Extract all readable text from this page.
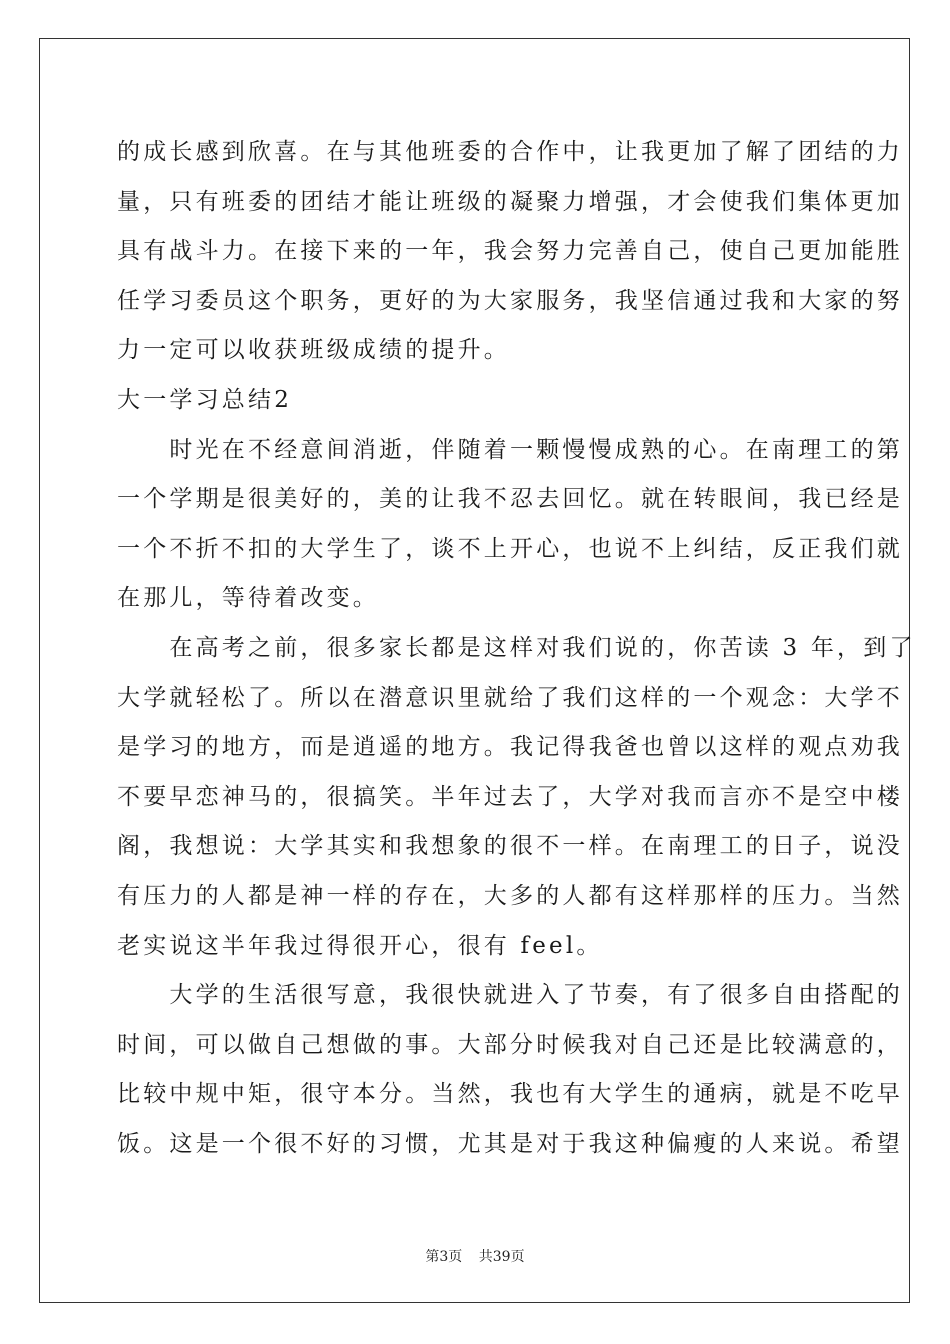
的成长感到欣喜。在与其他班委的合作中，让我更加了解了团结的力
量，只有班委的团结才能让班级的凝聚力增强，才会使我们集体更加
具有战斗力。在接下来的一年，我会努力完善自己，使自己更加能胜
任学习委员这个职务，更好的为大家服务，我坚信通过我和大家的努
力一定可以收获班级成绩的提升。
大一学习总结2
　　时光在不经意间消逝，伴随着一颗慢慢成熟的心。在南理工的第
一个学期是很美好的，美的让我不忍去回忆。就在转眼间，我已经是
一个不折不扣的大学生了，谈不上开心，也说不上纠结，反正我们就
在那儿，等待着改变。
　　在高考之前，很多家长都是这样对我们说的，你苦读 3 年，到了
大学就轻松了。所以在潜意识里就给了我们这样的一个观念：大学不
是学习的地方，而是逍遥的地方。我记得我爸也曾以这样的观点劝我
不要早恋神马的，很搞笑。半年过去了，大学对我而言亦不是空中楼
阁，我想说：大学其实和我想象的很不一样。在南理工的日子，说没
有压力的人都是神一样的存在，大多的人都有这样那样的压力。当然
老实说这半年我过得很开心，很有 feel。
　　大学的生活很写意，我很快就进入了节奏，有了很多自由搭配的
时间，可以做自己想做的事。大部分时候我对自己还是比较满意的，
比较中规中矩，很守本分。当然，我也有大学生的通病，就是不吃早
饭。这是一个很不好的习惯，尤其是对于我这种偏瘦的人来说。希望
第3页 共39页
